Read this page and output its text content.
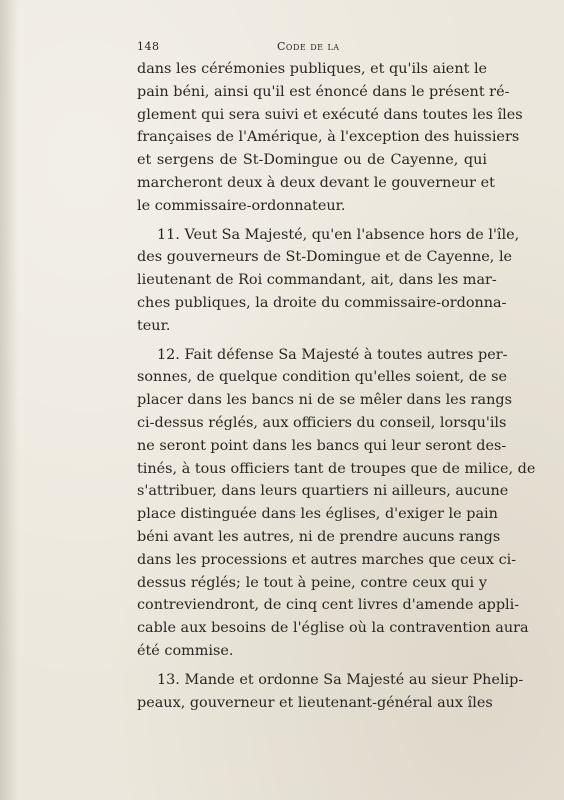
148	Code de la
dans les cérémonies publiques, et qu'ils aient le
pain béni, ainsi qu'il est énoncé dans le présent ré-
glement qui sera suivi et exécuté dans toutes les îles
françaises de l'Amérique, à l'exception des huissiers
et sergens de St-Domingue ou de Cayenne, qui
marcheront deux à deux devant le gouverneur et
le commissaire-ordonnateur.
11. Veut Sa Majesté, qu'en l'absence hors de l'île,
des gouverneurs de St-Domingue et de Cayenne, le
lieutenant de Roi commandant, ait, dans les mar-
ches publiques, la droite du commissaire-ordonna-
teur.
12. Fait défense Sa Majesté à toutes autres per-
sonnes, de quelque condition qu'elles soient, de se
placer dans les bancs ni de se mêler dans les rangs
ci-dessus réglés, aux officiers du conseil, lorsqu'ils
ne seront point dans les bancs qui leur seront des-
tinés, à tous officiers tant de troupes que de milice, de
s'attribuer, dans leurs quartiers ni ailleurs, aucune
place distinguée dans les églises, d'exiger le pain
béni avant les autres, ni de prendre aucuns rangs
dans les processions et autres marches que ceux ci-
dessus réglés; le tout à peine, contre ceux qui y
contreviendront, de cinq cent livres d'amende appli-
cable aux besoins de l'église où la contravention aura
été commise.
13. Mande et ordonne Sa Majesté au sieur Phelip-
peaux, gouverneur et lieutenant-général aux îles
